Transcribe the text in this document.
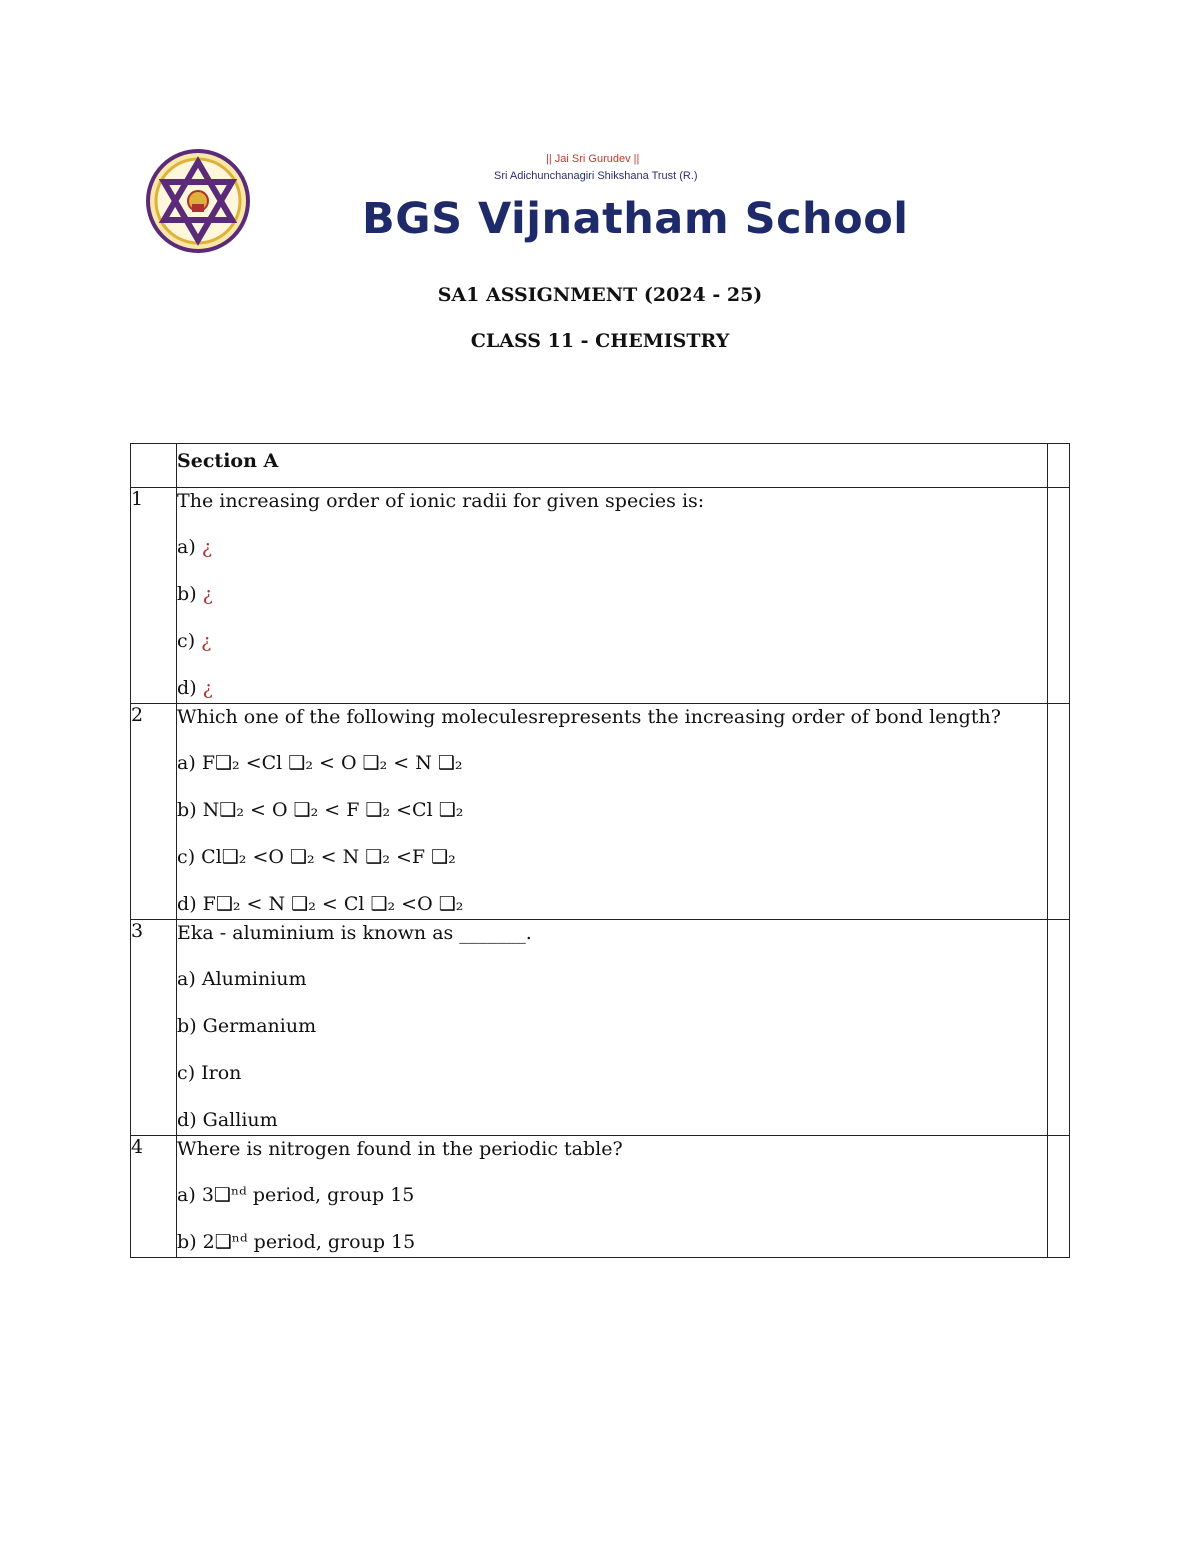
|| Jai Sri Gurudev ||
Sri Adichunchanagiri Shikshana Trust (R.)
BGS Vijnatham School
SA1 ASSIGNMENT (2024 - 25)
CLASS 11 - CHEMISTRY

	Section A	

1	The increasing order of ionic radii for given species is:

a) ¿

b) ¿

c) ¿

d) ¿	

2	Which one of the following moleculesrepresents the increasing order of bond length?

a) F❑₂ <Cl ❑₂ < O ❑₂ < N ❑₂

b) N❑₂ < O ❑₂ < F ❑₂ <Cl ❑₂

c) Cl❑₂ <O ❑₂ < N ❑₂ <F ❑₂

d) F❑₂ < N ❑₂ < Cl ❑₂ <O ❑₂	

3	Eka - aluminium is known as _______.

a) Aluminium

b) Germanium

c) Iron

d) Gallium	

4	Where is nitrogen found in the periodic table?

a) 3❑ⁿᵈ period, group 15

b) 2❑ⁿᵈ period, group 15	
